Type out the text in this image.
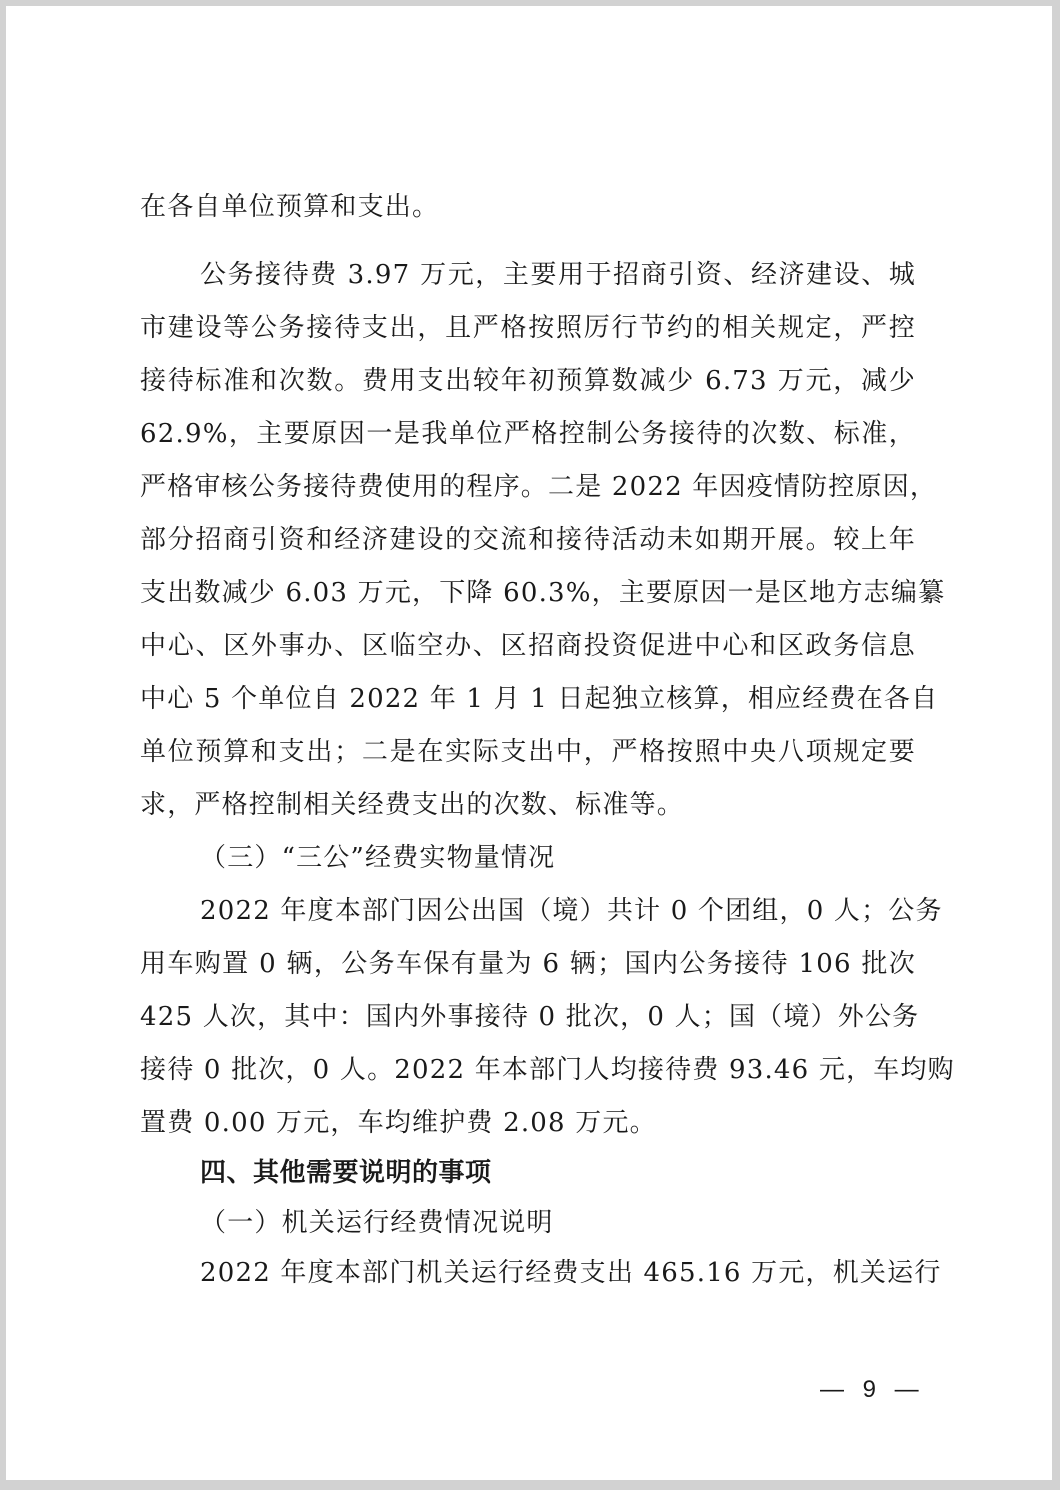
在各自单位预算和支出。
公务接待费 3.97 万元，主要用于招商引资、经济建设、城
市建设等公务接待支出，且严格按照厉行节约的相关规定，严控
接待标准和次数。费用支出较年初预算数减少 6.73 万元，减少
62.9%，主要原因一是我单位严格控制公务接待的次数、标准，
严格审核公务接待费使用的程序。二是 2022 年因疫情防控原因，
部分招商引资和经济建设的交流和接待活动未如期开展。较上年
支出数减少 6.03 万元，下降 60.3%，主要原因一是区地方志编纂
中心、区外事办、区临空办、区招商投资促进中心和区政务信息
中心 5 个单位自 2022 年 1 月 1 日起独立核算，相应经费在各自
单位预算和支出；二是在实际支出中，严格按照中央八项规定要
求，严格控制相关经费支出的次数、标准等。
（三）“三公”经费实物量情况
2022 年度本部门因公出国（境）共计 0 个团组，0 人；公务
用车购置 0 辆，公务车保有量为 6 辆；国内公务接待 106 批次
425 人次，其中：国内外事接待 0 批次，0 人；国（境）外公务
接待 0 批次，0 人。2022 年本部门人均接待费 93.46 元，车均购
置费 0.00 万元，车均维护费 2.08 万元。
四、其他需要说明的事项
（一）机关运行经费情况说明
2022 年度本部门机关运行经费支出 465.16 万元，机关运行
— 9 —
